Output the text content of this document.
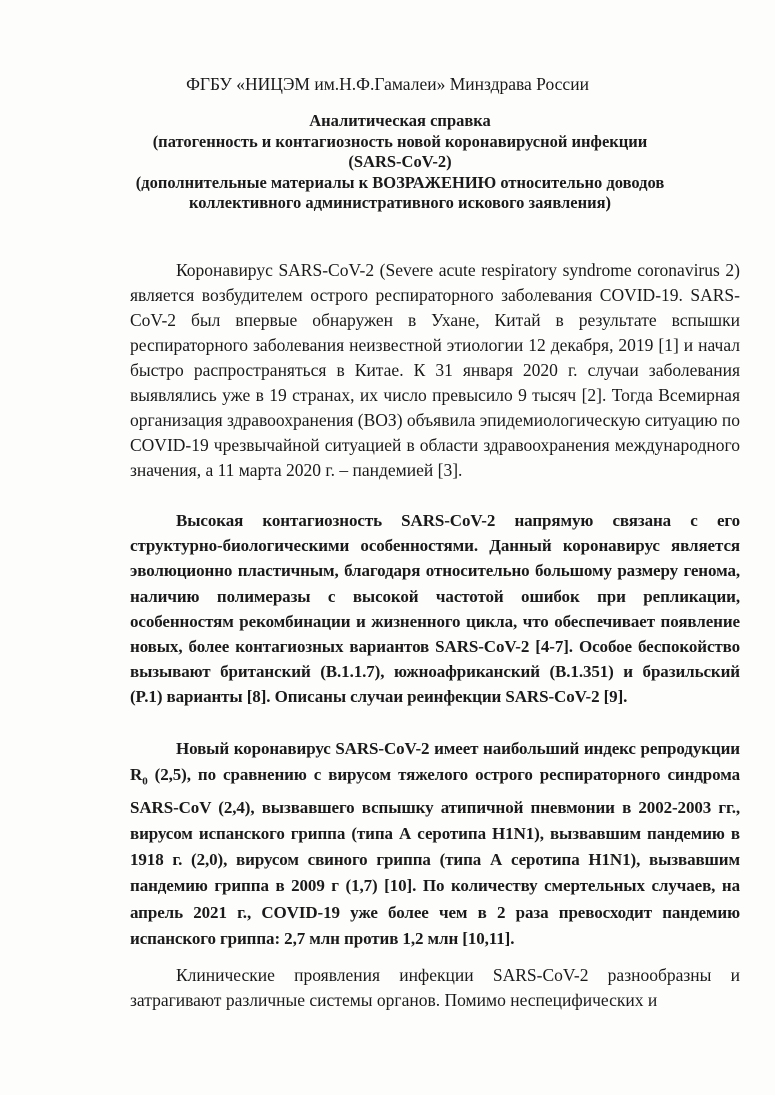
ФГБУ «НИЦЭМ им.Н.Ф.Гамалеи» Минздрава России
Аналитическая справка
(патогенность и контагиозность новой коронавирусной инфекции
(SARS-CoV-2)
(дополнительные материалы к ВОЗРАЖЕНИЮ относительно доводов
коллективного административного искового заявления)

Коронавирус SARS-CoV-2 (Severe acute respiratory syndrome coronavirus 2) является возбудителем острого респираторного заболевания COVID-19. SARS-CoV-2 был впервые обнаружен в Ухане, Китай в результате вспышки респираторного заболевания неизвестной этиологии 12 декабря, 2019 [1] и начал быстро распространяться в Китае. К 31 января 2020 г. случаи заболевания выявлялись уже в 19 странах, их число превысило 9 тысяч [2]. Тогда Всемирная организация здравоохранения (ВОЗ) объявила эпидемиологическую ситуацию по COVID-19 чрезвычайной ситуацией в области здравоохранения международного значения, а 11 марта 2020 г. – пандемией [3].

Высокая контагиозность SARS-CoV-2 напрямую связана с его структурно-биологическими особенностями. Данный коронавирус является эволюционно пластичным, благодаря относительно большому размеру генома, наличию полимеразы с высокой частотой ошибок при репликации, особенностям рекомбинации и жизненного цикла, что обеспечивает появление новых, более контагиозных вариантов SARS-CoV-2 [4-7]. Особое беспокойство вызывают британский (B.1.1.7), южноафриканский (B.1.351) и бразильский (P.1) варианты [8]. Описаны случаи реинфекции SARS-CoV-2 [9].

Новый коронавирус SARS-CoV-2 имеет наибольший индекс репродукции $R_0$ (2,5), по сравнению с вирусом тяжелого острого респираторного синдрома SARS-CoV (2,4), вызвавшего вспышку атипичной пневмонии в 2002-2003 гг., вирусом испанского гриппа (типа А серотипа H1N1), вызвавшим пандемию в 1918 г. (2,0), вирусом свиного гриппа (типа А серотипа H1N1), вызвавшим пандемию гриппа в 2009 г (1,7) [10]. По количеству смертельных случаев, на апрель 2021 г., COVID-19 уже более чем в 2 раза превосходит пандемию испанского гриппа: 2,7 млн против 1,2 млн [10,11].

Клинические проявления инфекции SARS-CoV-2 разнообразны и затрагивают различные системы органов. Помимо неспецифических и
